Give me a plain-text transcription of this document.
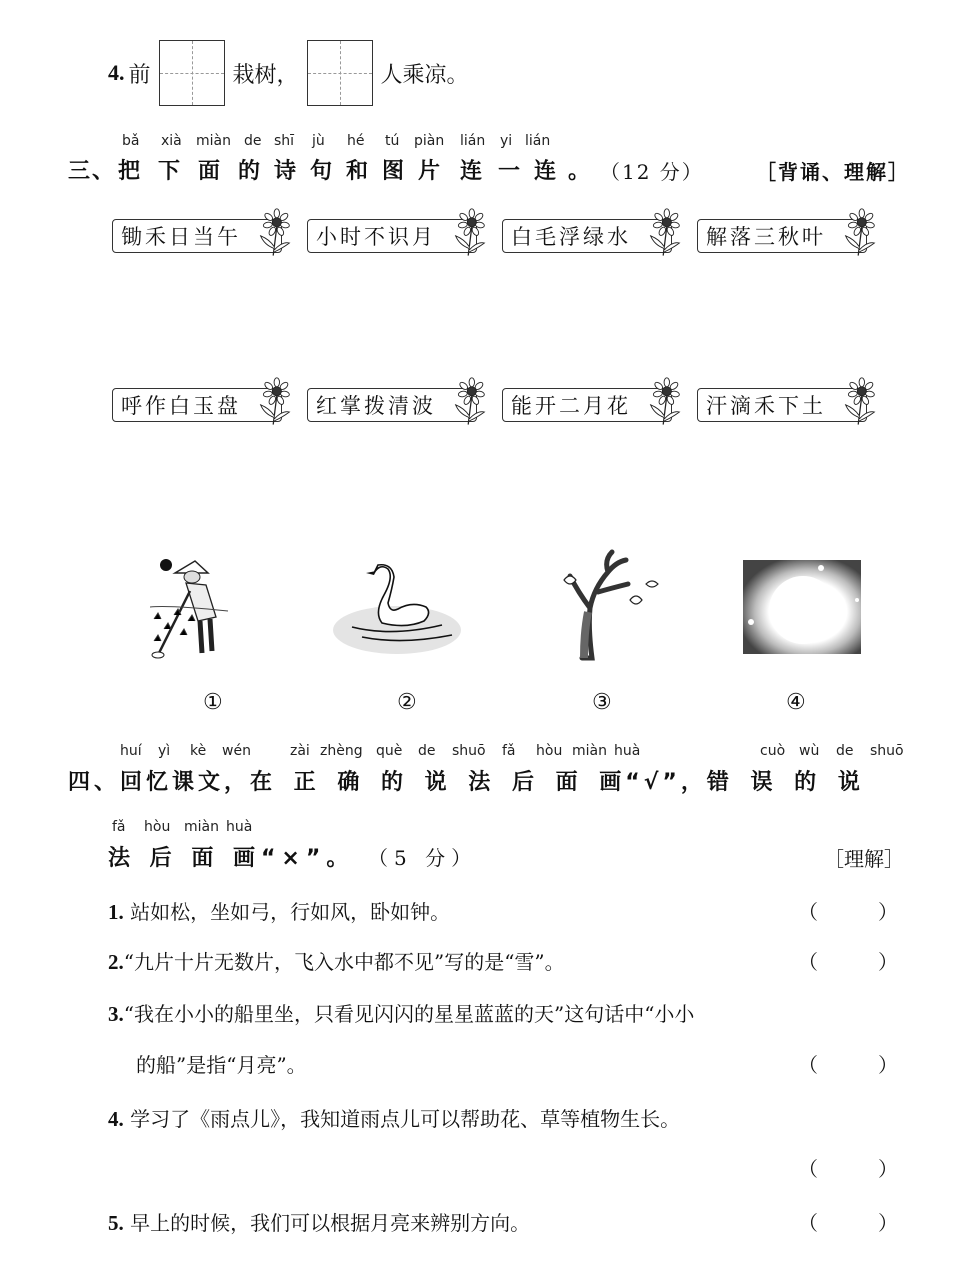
4. 前	栽树，	人乘凉。
bǎ xià miàn de shī jù hé tú piàn lián yi lián
三、 把 下 面 的 诗 句 和 图 片 连 一 连 。 （12 分）	［背诵、理解］
锄禾日当午	小时不识月	白毛浮绿水	解落三秋叶
呼作白玉盘	红掌拨清波	能开二月花	汗滴禾下土
①	②	③	④
huí yì kè wén	zài zhèng què de shuō fǎ hòu miàn huà	cuò wù de shuō
四、回忆课文，在 正 确 的 说 法 后 面 画“√”，错 误 的 说
fǎ hòu miàn huà
法 后 面 画“×”。 （5 分）	［理解］
1. 站如松，坐如弓，行如风，卧如钟。	（　　　）
2.“九片十片无数片，飞入水中都不见”写的是“雪”。	（　　　）
3.“我在小小的船里坐，只看见闪闪的星星蓝蓝的天”这句话中“小小
的船”是指“月亮”。	（　　　）
4. 学习了《雨点儿》，我知道雨点儿可以帮助花、草等植物生长。
（　　　）
5. 早上的时候，我们可以根据月亮来辨别方向。	（　　　）
